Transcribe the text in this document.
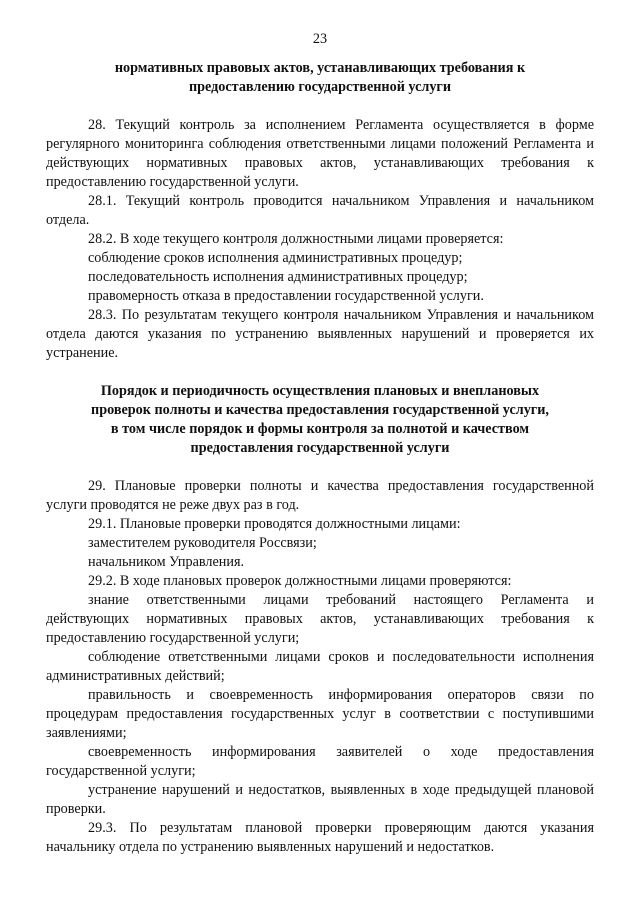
23
нормативных правовых актов, устанавливающих требования к
предоставлению государственной услуги

28. Текущий контроль за исполнением Регламента осуществляется в форме регулярного мониторинга соблюдения ответственными лицами положений Регламента и действующих нормативных правовых актов, устанавливающих требования к предоставлению государственной услуги.

28.1. Текущий контроль проводится начальником Управления и начальником отдела.

28.2. В ходе текущего контроля должностными лицами проверяется:

соблюдение сроков исполнения административных процедур;

последовательность исполнения административных процедур;

правомерность отказа в предоставлении государственной услуги.

28.3. По результатам текущего контроля начальником Управления и начальником отдела даются указания по устранению выявленных нарушений и проверяется их устранение.

Порядок и периодичность осуществления плановых и внеплановых
проверок полноты и качества предоставления государственной услуги,
в том числе порядок и формы контроля за полнотой и качеством
предоставления государственной услуги

29. Плановые проверки полноты и качества предоставления государственной услуги проводятся не реже двух раз в год.

29.1. Плановые проверки проводятся должностными лицами:

заместителем руководителя Россвязи;

начальником Управления.

29.2. В ходе плановых проверок должностными лицами проверяются:

знание ответственными лицами требований настоящего Регламента и действующих нормативных правовых актов, устанавливающих требования к предоставлению государственной услуги;

соблюдение ответственными лицами сроков и последовательности исполнения административных действий;

правильность и своевременность информирования операторов связи по процедурам предоставления государственных услуг в соответствии с поступившими заявлениями;

своевременность информирования заявителей о ходе предоставления государственной услуги;

устранение нарушений и недостатков, выявленных в ходе предыдущей плановой проверки.

29.3. По результатам плановой проверки проверяющим даются указания начальнику отдела по устранению выявленных нарушений и недостатков.
